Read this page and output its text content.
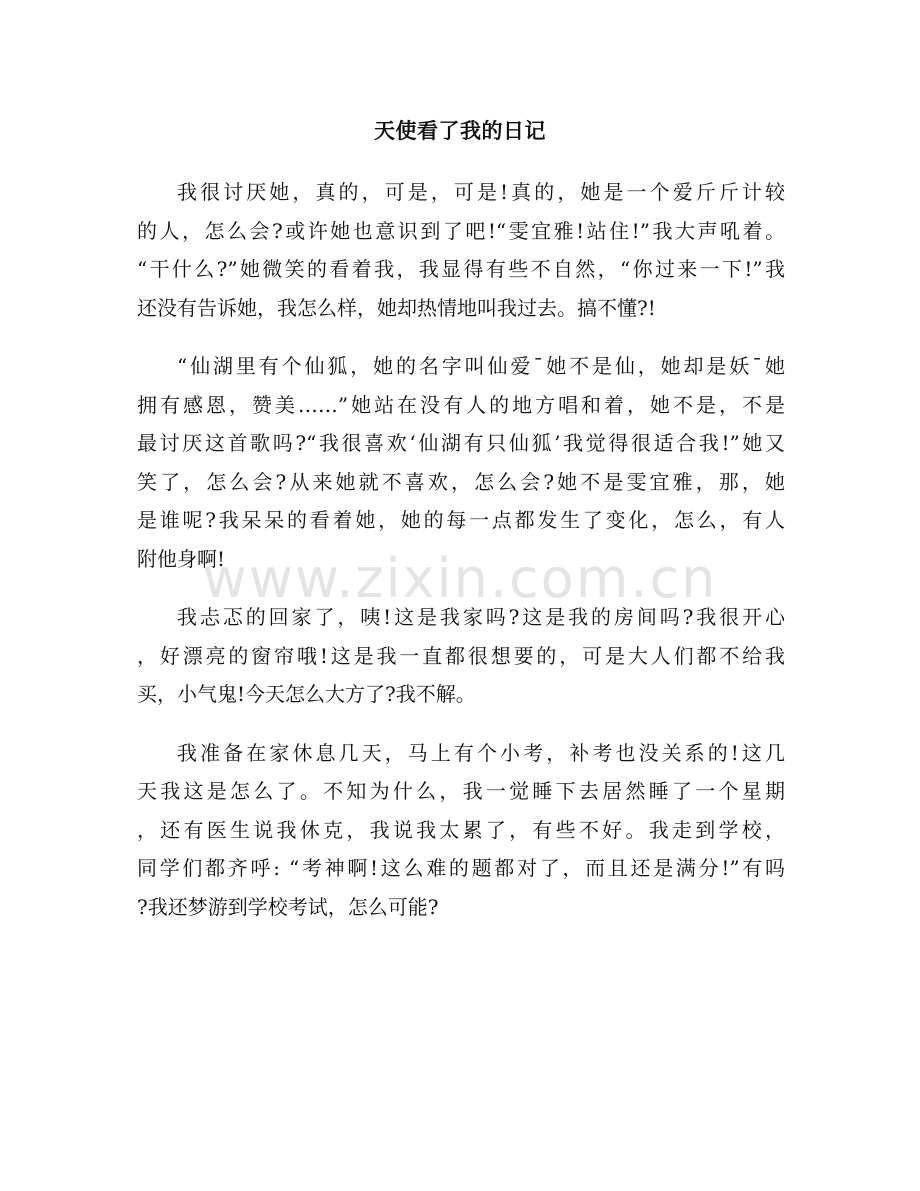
天使看了我的日记

我很讨厌她，真的，可是，可是!真的，她是一个爱斤斤计较
的人，怎么会?或许她也意识到了吧!“雯宜雅!站住!”我大声吼着。
“干什么?”她微笑的看着我，我显得有些不自然，“你过来一下!”我
还没有告诉她，我怎么样，她却热情地叫我过去。搞不懂?!

“仙湖里有个仙狐，她的名字叫仙爱¯她不是仙，她却是妖¯她
拥有感恩，赞美……”她站在没有人的地方唱和着，她不是，不是
最讨厌这首歌吗?“我很喜欢‘仙湖有只仙狐’我觉得很适合我!”她又
笑了，怎么会?从来她就不喜欢，怎么会?她不是雯宜雅，那，她
是谁呢?我呆呆的看着她，她的每一点都发生了变化，怎么，有人
附他身啊!

我忐忑的回家了，咦!这是我家吗?这是我的房间吗?我很开心
，好漂亮的窗帘哦!这是我一直都很想要的，可是大人们都不给我
买，小气鬼!今天怎么大方了?我不解。

我准备在家休息几天，马上有个小考，补考也没关系的!这几
天我这是怎么了。不知为什么，我一觉睡下去居然睡了一个星期
，还有医生说我休克，我说我太累了，有些不好。我走到学校，
同学们都齐呼: “考神啊!这么难的题都对了，而且还是满分!”有吗
?我还梦游到学校考试，怎么可能?

www.zixin.com.cn
